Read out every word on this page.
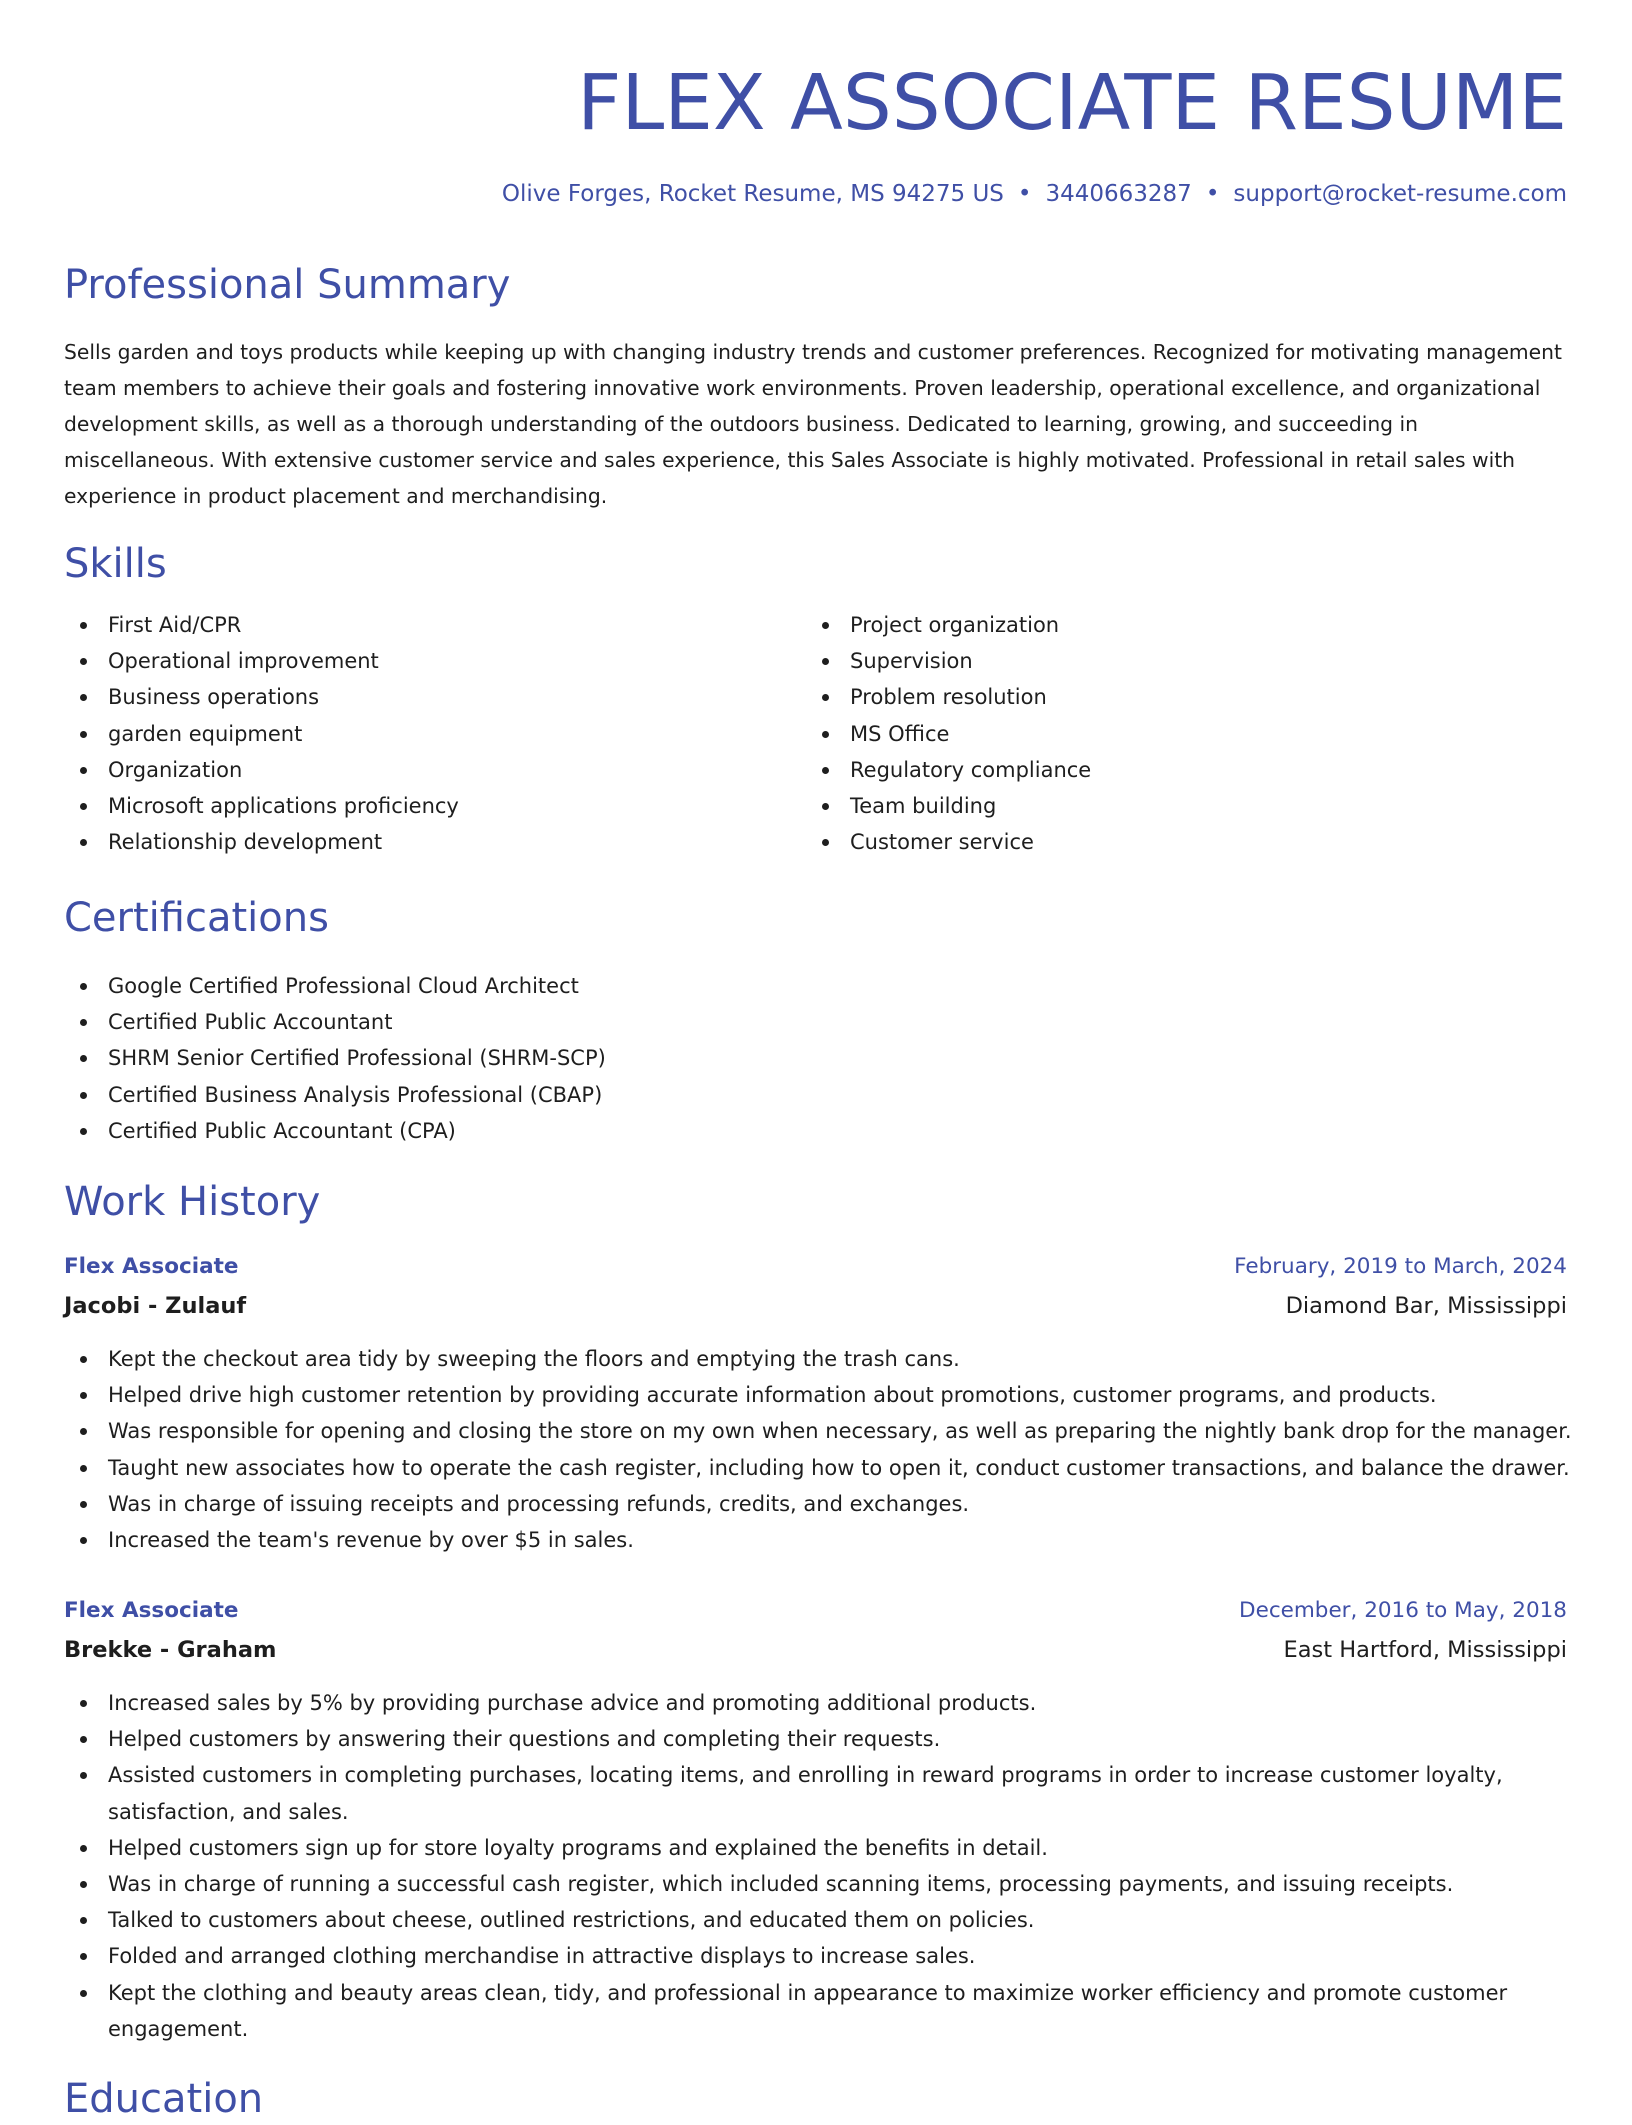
FLEX ASSOCIATE RESUME
Olive Forges, Rocket Resume, MS 94275 US • 3440663287 • support@rocket-resume.com
Professional Summary

Sells garden and toys products while keeping up with changing industry trends and customer preferences. Recognized for motivating management team members to achieve their goals and fostering innovative work environments. Proven leadership, operational excellence, and organizational development skills, as well as a thorough understanding of the outdoors business. Dedicated to learning, growing, and succeeding in miscellaneous. With extensive customer service and sales experience, this Sales Associate is highly motivated. Professional in retail sales with experience in product placement and merchandising.

Skills
First Aid/CPR
Operational improvement
Business operations
garden equipment
Organization
Microsoft applications proficiency
Relationship development
Project organization
Supervision
Problem resolution
MS Office
Regulatory compliance
Team building
Customer service
Certifications
Google Certified Professional Cloud Architect
Certified Public Accountant
SHRM Senior Certified Professional (SHRM-SCP)
Certified Business Analysis Professional (CBAP)
Certified Public Accountant (CPA)
Work History
Flex Associate	February, 2019 to March, 2024
Jacobi - Zulauf	Diamond Bar, Mississippi
Kept the checkout area tidy by sweeping the floors and emptying the trash cans.
Helped drive high customer retention by providing accurate information about promotions, customer programs, and products.
Was responsible for opening and closing the store on my own when necessary, as well as preparing the nightly bank drop for the manager.
Taught new associates how to operate the cash register, including how to open it, conduct customer transactions, and balance the drawer.
Was in charge of issuing receipts and processing refunds, credits, and exchanges.
Increased the team's revenue by over $5 in sales.
Flex Associate	December, 2016 to May, 2018
Brekke - Graham	East Hartford, Mississippi
Increased sales by 5% by providing purchase advice and promoting additional products.
Helped customers by answering their questions and completing their requests.
Assisted customers in completing purchases, locating items, and enrolling in reward programs in order to increase customer loyalty, satisfaction, and sales.
Helped customers sign up for store loyalty programs and explained the benefits in detail.
Was in charge of running a successful cash register, which included scanning items, processing payments, and issuing receipts.
Talked to customers about cheese, outlined restrictions, and educated them on policies.
Folded and arranged clothing merchandise in attractive displays to increase sales.
Kept the clothing and beauty areas clean, tidy, and professional in appearance to maximize worker efficiency and promote customer engagement.
Education
